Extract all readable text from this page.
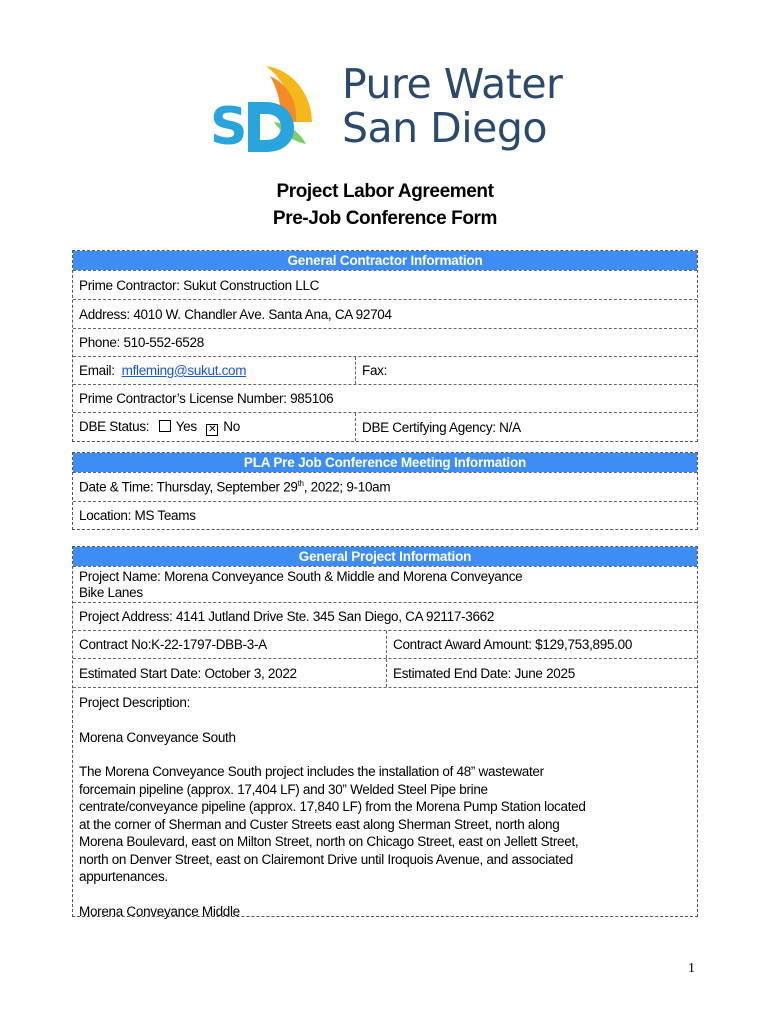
S
Pure Water
San Diego
Project Labor Agreement
Pre-Job Conference Form
General Contractor Information
Prime Contractor: Sukut Construction LLC
Address: 4010 W. Chandler Ave. Santa Ana, CA 92704
Phone: 510-552-6528
Email:  mfleming@sukut.com	Fax:
Prime Contractor’s License Number: 985106
DBE Status: Yes ✕ No	DBE Certifying Agency: N/A
PLA Pre Job Conference Meeting Information
Date & Time: Thursday, September 29th, 2022; 9-10am
Location: MS Teams
General Project Information
Project Name: Morena Conveyance South & Middle and Morena Conveyance
Bike Lanes
Project Address: 4141 Jutland Drive Ste. 345 San Diego, CA 92117-3662
Contract No:K-22-1797-DBB-3-A	Contract Award Amount: $129,753,895.00
Estimated Start Date: October 3, 2022	Estimated End Date: June 2025

Project Description:

Morena Conveyance South

The Morena Conveyance South project includes the installation of 48” wastewater
forcemain pipeline (approx. 17,404 LF) and 30” Welded Steel Pipe brine
centrate/conveyance pipeline (approx. 17,840 LF) from the Morena Pump Station located
at the corner of Sherman and Custer Streets east along Sherman Street, north along
Morena Boulevard, east on Milton Street, north on Chicago Street, east on Jellett Street,
north on Denver Street, east on Clairemont Drive until Iroquois Avenue, and associated
appurtenances.

Morena Conveyance Middle

1
